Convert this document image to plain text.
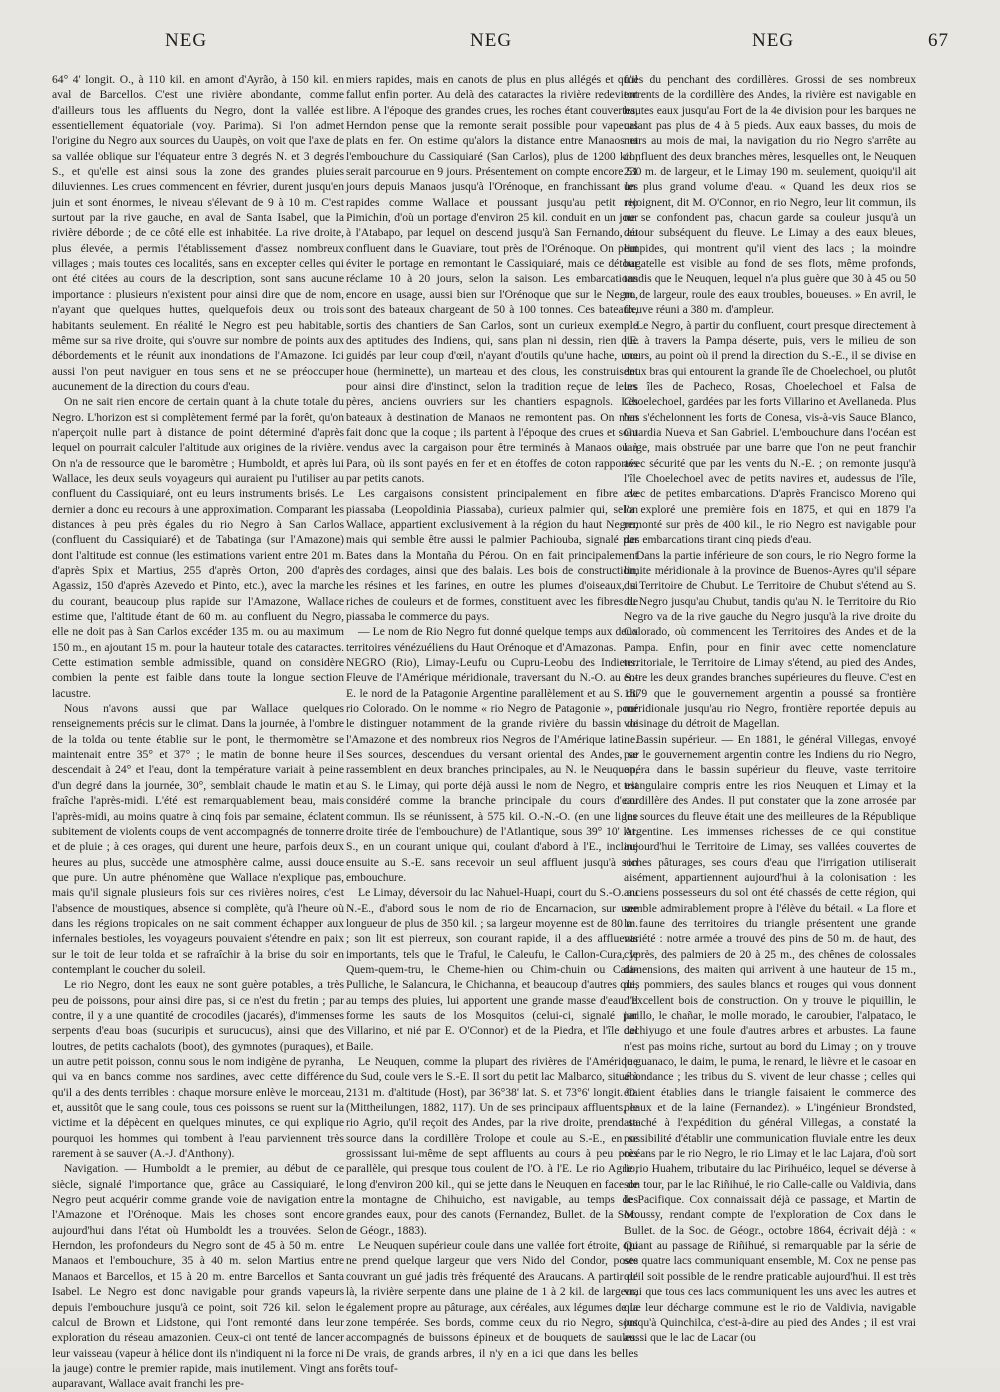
NEG	NEG	NEG	67

64° 4' longit. O., à 110 kil. en amont d'Ayrão, à 150 kil. en aval de Barcellos. C'est une rivière abondante, comme d'ailleurs tous les affluents du Negro, dont la vallée est essentiellement équatoriale (voy. Parima). Si l'on admet l'origine du Negro aux sources du Uaupès, on voit que l'axe de sa vallée oblique sur l'équateur entre 3 degrés N. et 3 degrés S., et qu'elle est ainsi sous la zone des grandes pluies diluviennes. Les crues commencent en février, durent jusqu'en juin et sont énormes, le niveau s'élevant de 9 à 10 m. C'est surtout par la rive gauche, en aval de Santa Isabel, que la rivière déborde ; de ce côté elle est inhabitée. La rive droite, plus élevée, a permis l'établissement d'assez nombreux villages ; mais toutes ces localités, sans en excepter celles qui ont été citées au cours de la description, sont sans aucune importance : plusieurs n'existent pour ainsi dire que de nom, n'ayant que quelques huttes, quelquefois deux ou trois habitants seulement. En réalité le Negro est peu habitable, même sur sa rive droite, qui s'ouvre sur nombre de points aux débordements et le réunit aux inondations de l'Amazone. Ici aussi l'on peut naviguer en tous sens et ne se préoccuper aucunement de la direction du cours d'eau.

On ne sait rien encore de certain quant à la chute totale du Negro. L'horizon est si complètement fermé par la forêt, qu'on n'aperçoit nulle part à distance de point déterminé d'après lequel on pourrait calculer l'altitude aux origines de la rivière. On n'a de ressource que le baromètre ; Humboldt, et après lui Wallace, les deux seuls voyageurs qui auraient pu l'utiliser au confluent du Cassiquiaré, ont eu leurs instruments brisés. Le dernier a donc eu recours à une approximation. Comparant les distances à peu près égales du rio Negro à San Carlos (confluent du Cassiquiaré) et de Tabatinga (sur l'Amazone) dont l'altitude est connue (les estimations varient entre 201 m. d'après Spix et Martius, 255 d'après Orton, 200 d'après Agassiz, 150 d'après Azevedo et Pinto, etc.), avec la marche du courant, beaucoup plus rapide sur l'Amazone, Wallace estime que, l'altitude étant de 60 m. au confluent du Negro, elle ne doit pas à San Carlos excéder 135 m. ou au maximum 150 m., en ajoutant 15 m. pour la hauteur totale des cataractes. Cette estimation semble admissible, quand on considère combien la pente est faible dans toute la longue section lacustre.

Nous n'avons aussi que par Wallace quelques renseignements précis sur le climat. Dans la journée, à l'ombre de la tolda ou tente établie sur le pont, le thermomètre se maintenait entre 35° et 37° ; le matin de bonne heure il descendait à 24° et l'eau, dont la température variait à peine d'un degré dans la journée, 30°, semblait chaude le matin et fraîche l'après-midi. L'été est remarquablement beau, mais l'après-midi, au moins quatre à cinq fois par semaine, éclatent subitement de violents coups de vent accompagnés de tonnerre et de pluie ; à ces orages, qui durent une heure, parfois deux heures au plus, succède une atmosphère calme, aussi douce que pure. Un autre phénomène que Wallace n'explique pas, mais qu'il signale plusieurs fois sur ces rivières noires, c'est l'absence de moustiques, absence si complète, qu'à l'heure où dans les régions tropicales on ne sait comment échapper aux infernales bestioles, les voyageurs pouvaient s'étendre en paix sur le toit de leur tolda et se rafraîchir à la brise du soir en contemplant le coucher du soleil.

Le rio Negro, dont les eaux ne sont guère potables, a très peu de poissons, pour ainsi dire pas, si ce n'est du fretin ; par contre, il y a une quantité de crocodiles (jacarés), d'immenses serpents d'eau boas (sucuripis et surucucus), ainsi que des loutres, de petits cachalots (boot), des gymnotes (puraques), et un autre petit poisson, connu sous le nom indigène de pyranha, qui va en bancs comme nos sardines, avec cette différence qu'il a des dents terribles : chaque morsure enlève le morceau, et, aussitôt que le sang coule, tous ces poissons se ruent sur la victime et la dépècent en quelques minutes, ce qui explique pourquoi les hommes qui tombent à l'eau parviennent très rarement à se sauver (A.-J. d'Anthony).

Navigation. — Humboldt a le premier, au début de ce siècle, signalé l'importance que, grâce au Cassiquiaré, le Negro peut acquérir comme grande voie de navigation entre l'Amazone et l'Orénoque. Mais les choses sont encore aujourd'hui dans l'état où Humboldt les a trouvées. Selon Herndon, les profondeurs du Negro sont de 45 à 50 m. entre Manaos et l'embouchure, 35 à 40 m. selon Martius entre Manaos et Barcellos, et 15 à 20 m. entre Barcellos et Santa Isabel. Le Negro est donc navigable pour grands vapeurs depuis l'embouchure jusqu'à ce point, soit 726 kil. selon le calcul de Brown et Lidstone, qui l'ont remonté dans leur exploration du réseau amazonien. Ceux-ci ont tenté de lancer leur vaisseau (vapeur à hélice dont ils n'indiquent ni la force ni la jauge) contre le premier rapide, mais inutilement. Vingt ans auparavant, Wallace avait franchi les pre-

miers rapides, mais en canots de plus en plus allégés et qu'il fallut enfin porter. Au delà des cataractes la rivière redevient libre. A l'époque des grandes crues, les roches étant couvertes, Herndon pense que la remonte serait possible pour vapeurs plats en fer. On estime qu'alors la distance entre Manaos et l'embouchure du Cassiquiaré (San Carlos), plus de 1200 kil., serait parcourue en 9 jours. Présentement on compte encore 51 jours depuis Manaos jusqu'à l'Orénoque, en franchissant les rapides comme Wallace et poussant jusqu'au petit rio Pimichin, d'où un portage d'environ 25 kil. conduit en un jour à l'Atabapo, par lequel on descend jusqu'à San Fernando, au confluent dans le Guaviare, tout près de l'Orénoque. On peut éviter le portage en remontant le Cassiquiaré, mais ce détour réclame 10 à 20 jours, selon la saison. Les embarcations encore en usage, aussi bien sur l'Orénoque que sur le Negro, sont des bateaux chargeant de 50 à 100 tonnes. Ces bateaux, sortis des chantiers de San Carlos, sont un curieux exemple des aptitudes des Indiens, qui, sans plan ni dessin, rien que guidés par leur coup d'œil, n'ayant d'outils qu'une hache, une houe (herminette), un marteau et des clous, les construisent pour ainsi dire d'instinct, selon la tradition reçue de leurs pères, anciens ouvriers sur les chantiers espagnols. Les bateaux à destination de Manaos ne remontent pas. On n'en fait donc que la coque ; ils partent à l'époque des crues et sont vendus avec la cargaison pour être terminés à Manaos ou à Para, où ils sont payés en fer et en étoffes de coton rapportés par petits canots.

Les cargaisons consistent principalement en fibre de piassaba (Leopoldinia Piassaba), curieux palmier qui, selon Wallace, appartient exclusivement à la région du haut Negro, mais qui semble être aussi le palmier Pachiouba, signalé par Bates dans la Montaña du Pérou. On en fait principalement des cordages, ainsi que des balais. Les bois de construction, les résines et les farines, en outre les plumes d'oiseaux, si riches de couleurs et de formes, constituent avec les fibres de piassaba le commerce du pays.

— Le nom de Rio Negro fut donné quelque temps aux deux territoires vénézuéliens du Haut Orénoque et d'Amazonas.

NEGRO (Rio), Limay-Leufu ou Cupru-Leobu des Indiens. Fleuve de l'Amérique méridionale, traversant du N.-O. au S.-E. le nord de la Patagonie Argentine parallèlement et au S. du rio Colorado. On le nomme « rio Negro de Patagonie », pour le distinguer notamment de la grande rivière du bassin de l'Amazone et des nombreux rios Negros de l'Amérique latine. Ses sources, descendues du versant oriental des Andes, se rassemblent en deux branches principales, au N. le Neuquen, au S. le Limay, qui porte déjà aussi le nom de Negro, et est considéré comme la branche principale du cours d'eau commun. Ils se réunissent, à 575 kil. O.-N.-O. (en une ligne droite tirée de l'embouchure) de l'Atlantique, sous 39° 10' lat. S., en un courant unique qui, coulant d'abord à l'E., incline ensuite au S.-E. sans recevoir un seul affluent jusqu'à son embouchure.

Le Limay, déversoir du lac Nahuel-Huapi, court du S.-O. au N.-E., d'abord sous le nom de rio de Encarnacion, sur une longueur de plus de 350 kil. ; sa largeur moyenne est de 80 m. ; son lit est pierreux, son courant rapide, il a des affluents importants, tels que le Traful, le Caleufu, le Callon-Cura, le Quem-quem-tru, le Cheme-hien ou Chim-chuin ou Cata-Pulliche, le Salancura, le Chichanna, et beaucoup d'autres qui, au temps des pluies, lui apportent une grande masse d'eau. Il forme les sauts de los Mosquitos (celui-ci, signalé par Villarino, et nié par E. O'Connor) et de la Piedra, et l'île del Baile.

Le Neuquen, comme la plupart des rivières de l'Amérique du Sud, coule vers le S.-E. Il sort du petit lac Malbarco, situé à 2131 m. d'altitude (Host), par 36°38' lat. S. et 73°6' longit. O. (Mittheilungen, 1882, 117). Un de ses principaux affluents, le rio Agrio, qu'il reçoit des Andes, par la rive droite, prend sa source dans la cordillère Trolope et coule au S.-E., en se grossissant lui-même de sept affluents au cours à peu près parallèle, qui presque tous coulent de l'O. à l'E. Le rio Agrio, long d'environ 200 kil., qui se jette dans le Neuquen en face de la montagne de Chihuicho, est navigable, au temps des grandes eaux, pour des canots (Fernandez, Bullet. de la Soc. de Géogr., 1883).

Le Neuquen supérieur coule dans une vallée fort étroite, qui ne prend quelque largeur que vers Nido del Condor, poste couvrant un gué jadis très fréquenté des Araucans. A partir de là, la rivière serpente dans une plaine de 1 à 2 kil. de largeur, également propre au pâturage, aux céréales, aux légumes de la zone tempérée. Ses bords, comme ceux du rio Negro, sont accompagnés de buissons épineux et de bouquets de saules. De vrais, de grands arbres, il n'y en a ici que dans les belles forêts touf-

fues du penchant des cordillères. Grossi de ses nombreux torrents de la cordillère des Andes, la rivière est navigable en hautes eaux jusqu'au Fort de la 4e division pour les barques ne calant pas plus de 4 à 5 pieds. Aux eaux basses, du mois de mars au mois de mai, la navigation du rio Negro s'arrête au confluent des deux branches mères, lesquelles ont, le Neuquen 230 m. de largeur, et le Limay 190 m. seulement, quoiqu'il ait un plus grand volume d'eau. « Quand les deux rios se rejoignent, dit M. O'Connor, en rio Negro, leur lit commun, ils ne se confondent pas, chacun garde sa couleur jusqu'à un détour subséquent du fleuve. Le Limay a des eaux bleues, limpides, qui montrent qu'il vient des lacs ; la moindre bagatelle est visible au fond de ses flots, même profonds, tandis que le Neuquen, lequel n'a plus guère que 30 à 45 ou 50 m. de largeur, roule des eaux troubles, boueuses. » En avril, le fleuve réuni a 380 m. d'ampleur.

Le Negro, à partir du confluent, court presque directement à l'E. à travers la Pampa déserte, puis, vers le milieu de son cours, au point où il prend la direction du S.-E., il se divise en deux bras qui entourent la grande île de Choelechoel, ou plutôt les îles de Pacheco, Rosas, Choelechoel et Falsa de Choelechoel, gardées par les forts Villarino et Avellaneda. Plus bas s'échelonnent les forts de Conesa, vis-à-vis Sauce Blanco, Guardia Nueva et San Gabriel. L'embouchure dans l'océan est large, mais obstruée par une barre que l'on ne peut franchir avec sécurité que par les vents du N.-E. ; on remonte jusqu'à l'île Choelechoel avec de petits navires et, audessus de l'île, avec de petites embarcations. D'après Francisco Moreno qui l'a exploré une première fois en 1875, et qui en 1879 l'a remonté sur près de 400 kil., le rio Negro est navigable pour des embarcations tirant cinq pieds d'eau.

Dans la partie inférieure de son cours, le rio Negro forme la limite méridionale à la province de Buenos-Ayres qu'il sépare du Territoire de Chubut. Le Territoire de Chubut s'étend au S. du Negro jusqu'au Chubut, tandis qu'au N. le Territoire du Rio Negro va de la rive gauche du Negro jusqu'à la rive droite du Colorado, où commencent les Territoires des Andes et de la Pampa. Enfin, pour en finir avec cette nomenclature territoriale, le Territoire de Limay s'étend, au pied des Andes, entre les deux grandes branches supérieures du fleuve. C'est en 1879 que le gouvernement argentin a poussé sa frontière méridionale jusqu'au rio Negro, frontière reportée depuis au voisinage du détroit de Magellan.

Bassin supérieur. — En 1881, le général Villegas, envoyé par le gouvernement argentin contre les Indiens du rio Negro, opéra dans le bassin supérieur du fleuve, vaste territoire triangulaire compris entre les rios Neuquen et Limay et la cordillère des Andes. Il put constater que la zone arrosée par les sources du fleuve était une des meilleures de la République Argentine. Les immenses richesses de ce qui constitue aujourd'hui le Territoire de Limay, ses vallées couvertes de riches pâturages, ses cours d'eau que l'irrigation utiliserait aisément, appartiennent aujourd'hui à la colonisation : les anciens possesseurs du sol ont été chassés de cette région, qui semble admirablement propre à l'élève du bétail. « La flore et la faune des territoires du triangle présentent une grande variété : notre armée a trouvé des pins de 50 m. de haut, des cyprès, des palmiers de 20 à 25 m., des chênes de colossales dimensions, des maiten qui arrivent à une hauteur de 15 m., des pommiers, des saules blancs et rouges qui vous donnent d'excellent bois de construction. On y trouve le piquillin, le jarillo, le chañar, le molle morado, le caroubier, l'alpataco, le cachiyugo et une foule d'autres arbres et arbustes. La faune n'est pas moins riche, surtout au bord du Limay ; on y trouve le guanaco, le daim, le puma, le renard, le lièvre et le casoar en abondance ; les tribus du S. vivent de leur chasse ; celles qui étaient établies dans le triangle faisaient le commerce des peaux et de la laine (Fernandez). » L'ingénieur Brondsted, attaché à l'expédition du général Villegas, a constaté la possibilité d'établir une communication fluviale entre les deux océans par le rio Negro, le rio Limay et le lac Lajara, d'où sort le rio Huahem, tributaire du lac Pirihuéico, lequel se déverse à son tour, par le lac Riñihué, le rio Calle-calle ou Valdivia, dans le Pacifique. Cox connaissait déjà ce passage, et Martin de Moussy, rendant compte de l'exploration de Cox dans le Bullet. de la Soc. de Géogr., octobre 1864, écrivait déjà : « Quant au passage de Riñihué, si remarquable par la série de ses quatre lacs communiquant ensemble, M. Cox ne pense pas qu'il soit possible de le rendre praticable aujourd'hui. Il est très vrai que tous ces lacs communiquent les uns avec les autres et que leur décharge commune est le rio de Valdivia, navigable jusqu'à Quinchilca, c'est-à-dire au pied des Andes ; il est vrai aussi que le lac de Lacar (ou
